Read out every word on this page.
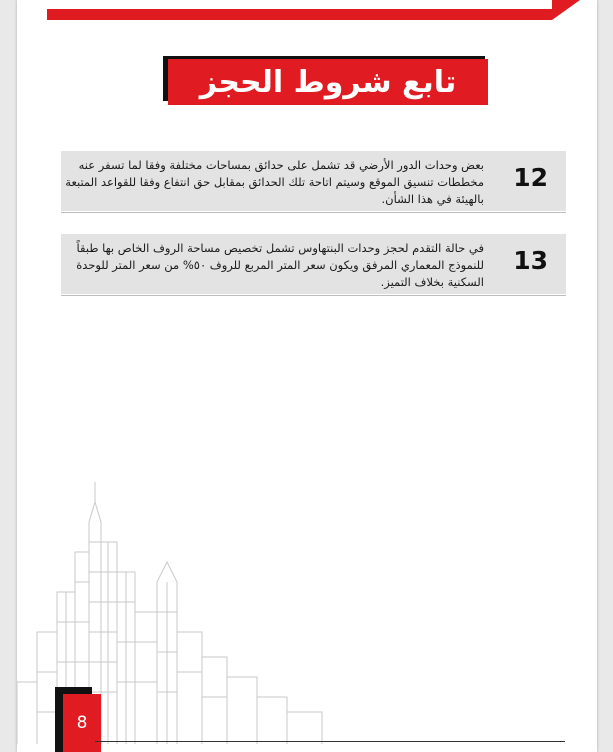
تابع شروط الحجز
بعض وحدات الدور الأرضي قد تشمل على حدائق بمساحات مختلفة وفقا لما تسفر عنه مخططات تنسيق الموقع وسيتم اتاحة تلك الحدائق بمقابل حق انتفاع وفقا للقواعد المتبعة بالهيئة في هذا الشأن.
12
في حالة التقدم لحجز وحدات البنتهاوس تشمل تخصيص مساحة الروف الخاص بها طبقاً للنموذج المعماري المرفق ويكون سعر المتر المربع للروف ٥٠% من سعر المتر للوحدة السكنية بخلاف التميز.
13
8
